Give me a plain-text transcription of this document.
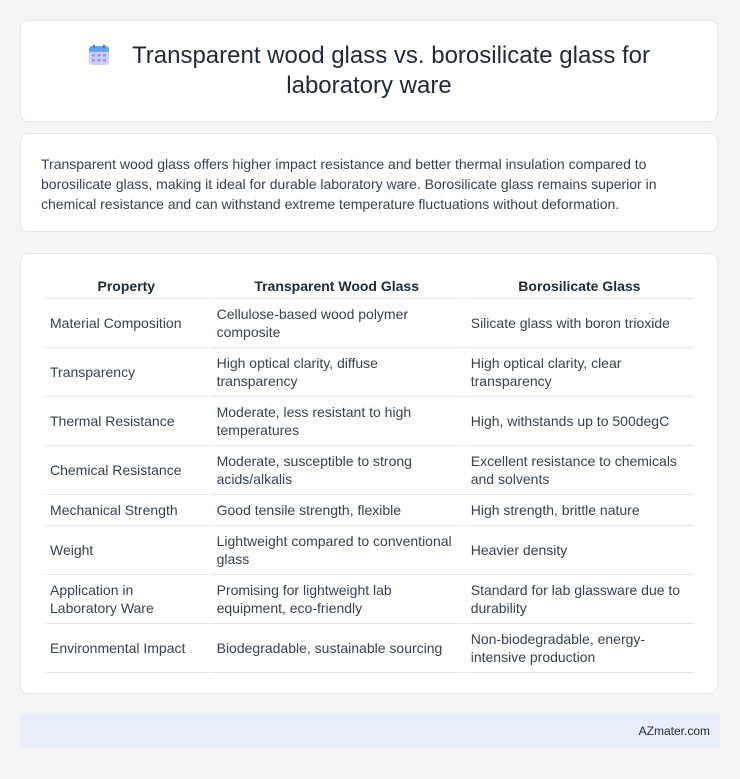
Transparent wood glass vs. borosilicate glass for laboratory ware

Transparent wood glass offers higher impact resistance and better thermal insulation compared to borosilicate glass, making it ideal for durable laboratory ware. Borosilicate glass remains superior in chemical resistance and can withstand extreme temperature fluctuations without deformation.

Property	Transparent Wood Glass	Borosilicate Glass
Material Composition	Cellulose-based wood polymer composite	Silicate glass with boron trioxide
Transparency	High optical clarity, diffuse transparency	High optical clarity, clear transparency
Thermal Resistance	Moderate, less resistant to high temperatures	High, withstands up to 500degC
Chemical Resistance	Moderate, susceptible to strong acids/alkalis	Excellent resistance to chemicals and solvents
Mechanical Strength	Good tensile strength, flexible	High strength, brittle nature
Weight	Lightweight compared to conventional glass	Heavier density
Application in Laboratory Ware	Promising for lightweight lab equipment, eco-friendly	Standard for lab glassware due to durability
Environmental Impact	Biodegradable, sustainable sourcing	Non-biodegradable, energy-intensive production
AZmater.com
